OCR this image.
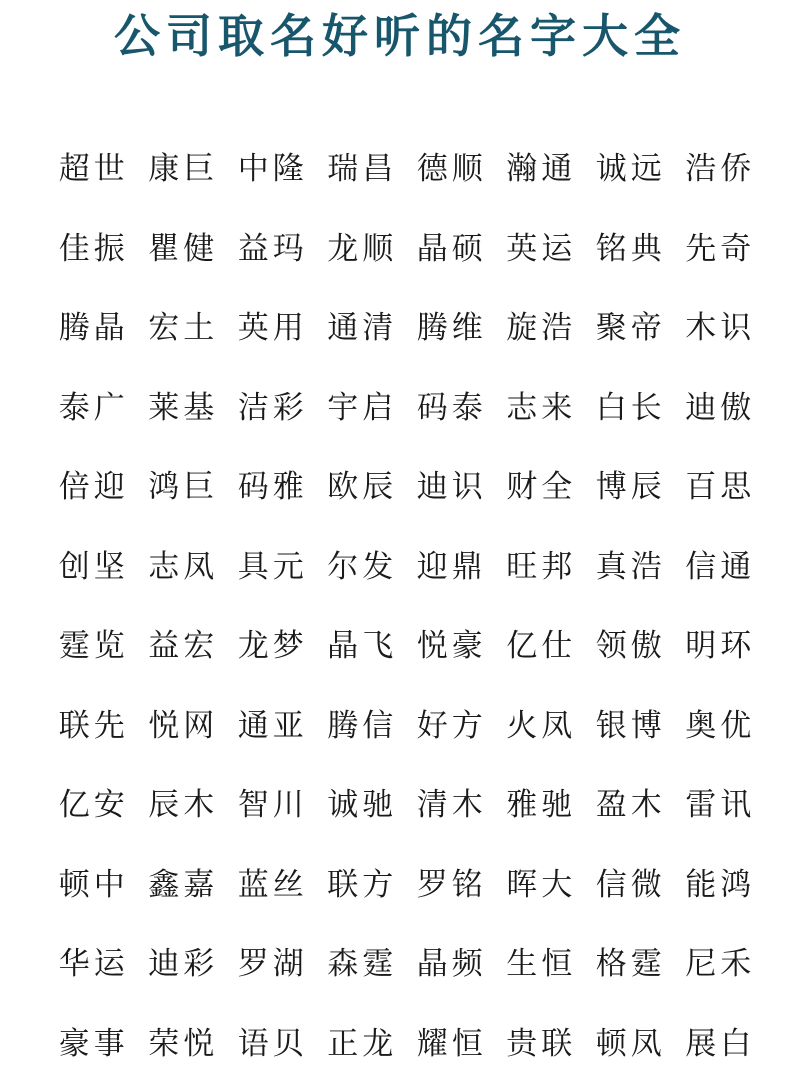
公司取名好听的名字大全
超世 康巨 中隆 瑞昌 德顺 瀚通 诚远 浩侨
佳振 瞿健 益玛 龙顺 晶硕 英运 铭典 先奇
腾晶 宏土 英用 通清 腾维 旋浩 聚帝 木识
泰广 莱基 洁彩 宇启 码泰 志来 白长 迪傲
倍迎 鸿巨 码雅 欧辰 迪识 财全 博辰 百思
创坚 志凤 具元 尔发 迎鼎 旺邦 真浩 信通
霆览 益宏 龙梦 晶飞 悦豪 亿仕 领傲 明环
联先 悦网 通亚 腾信 好方 火凤 银博 奥优
亿安 辰木 智川 诚驰 清木 雅驰 盈木 雷讯
顿中 鑫嘉 蓝丝 联方 罗铭 晖大 信微 能鸿
华运 迪彩 罗湖 森霆 晶频 生恒 格霆 尼禾
豪事 荣悦 语贝 正龙 耀恒 贵联 顿凤 展白
